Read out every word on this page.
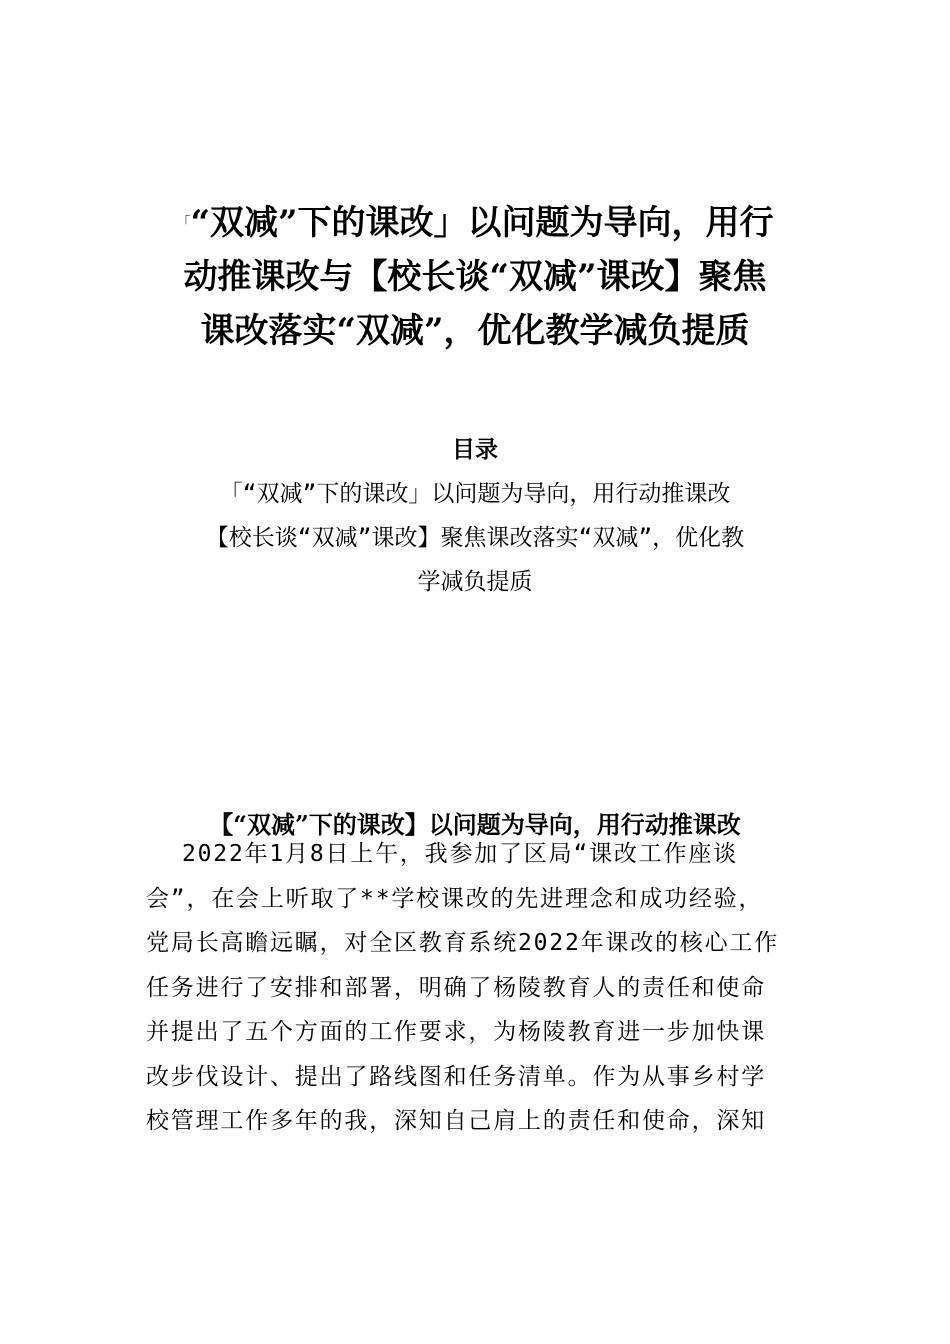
「“双减”下的课改」以问题为导向，用行
动推课改与【校长谈“双减”课改】聚焦
课改落实“双减”，优化教学减负提质
目录
「“双减”下的课改」以问题为导向，用行动推课改
【校长谈“双减”课改】聚焦课改落实“双减”，优化教
学减负提质
【“双减”下的课改】以问题为导向，用行动推课改
2022年1月8日上午，我参加了区局“课改工作座谈
会”，在会上听取了**学校课改的先进理念和成功经验，
党局长高瞻远瞩，对全区教育系统2022年课改的核心工作
任务进行了安排和部署，明确了杨陵教育人的责任和使命
并提出了五个方面的工作要求，为杨陵教育进一步加快课
改步伐设计、提出了路线图和任务清单。作为从事乡村学
校管理工作多年的我，深知自己肩上的责任和使命，深知
